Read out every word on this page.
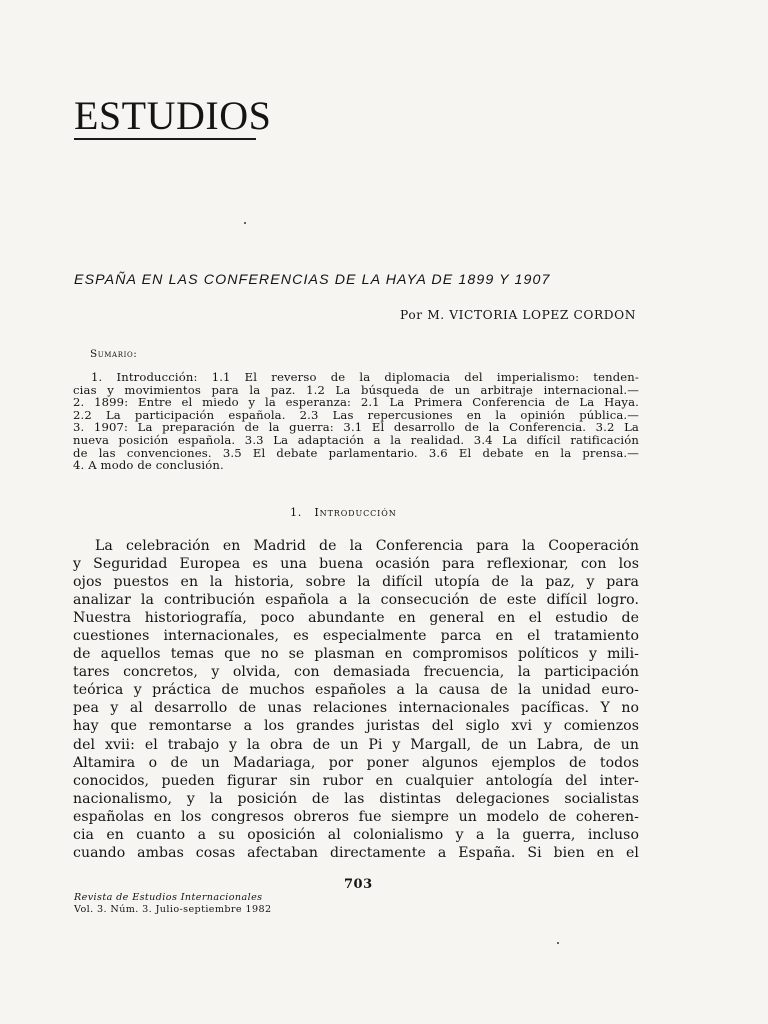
ESTUDIOS
ESPAÑA EN LAS CONFERENCIAS DE LA HAYA DE 1899 Y 1907
Por M. VICTORIA LOPEZ CORDON
Sumario:
1. Introducción: 1.1 El reverso de la diplomacia del imperialismo: tenden-
cias y movimientos para la paz. 1.2 La búsqueda de un arbitraje internacional.—
2. 1899: Entre el miedo y la esperanza: 2.1 La Primera Conferencia de La Haya.
2.2 La participación española. 2.3 Las repercusiones en la opinión pública.—
3. 1907: La preparación de la guerra: 3.1 El desarrollo de la Conferencia. 3.2 La
nueva posición española. 3.3 La adaptación a la realidad. 3.4 La difícil ratificación
de las convenciones. 3.5 El debate parlamentario. 3.6 El debate en la prensa.—
4. A modo de conclusión.
1. Introducción
La celebración en Madrid de la Conferencia para la Cooperación
y Seguridad Europea es una buena ocasión para reflexionar, con los
ojos puestos en la historia, sobre la difícil utopía de la paz, y para
analizar la contribución española a la consecución de este difícil logro.
Nuestra historiografía, poco abundante en general en el estudio de
cuestiones internacionales, es especialmente parca en el tratamiento
de aquellos temas que no se plasman en compromisos políticos y mili-
tares concretos, y olvida, con demasiada frecuencia, la participación
teórica y práctica de muchos españoles a la causa de la unidad euro-
pea y al desarrollo de unas relaciones internacionales pacíficas. Y no
hay que remontarse a los grandes juristas del siglo xvi y comienzos
del xvii: el trabajo y la obra de un Pi y Margall, de un Labra, de un
Altamira o de un Madariaga, por poner algunos ejemplos de todos
conocidos, pueden figurar sin rubor en cualquier antología del inter-
nacionalismo, y la posición de las distintas delegaciones socialistas
españolas en los congresos obreros fue siempre un modelo de coheren-
cia en cuanto a su oposición al colonialismo y a la guerra, incluso
cuando ambas cosas afectaban directamente a España. Si bien en el
703
Revista de Estudios Internacionales
Vol. 3. Núm. 3. Julio-septiembre 1982
